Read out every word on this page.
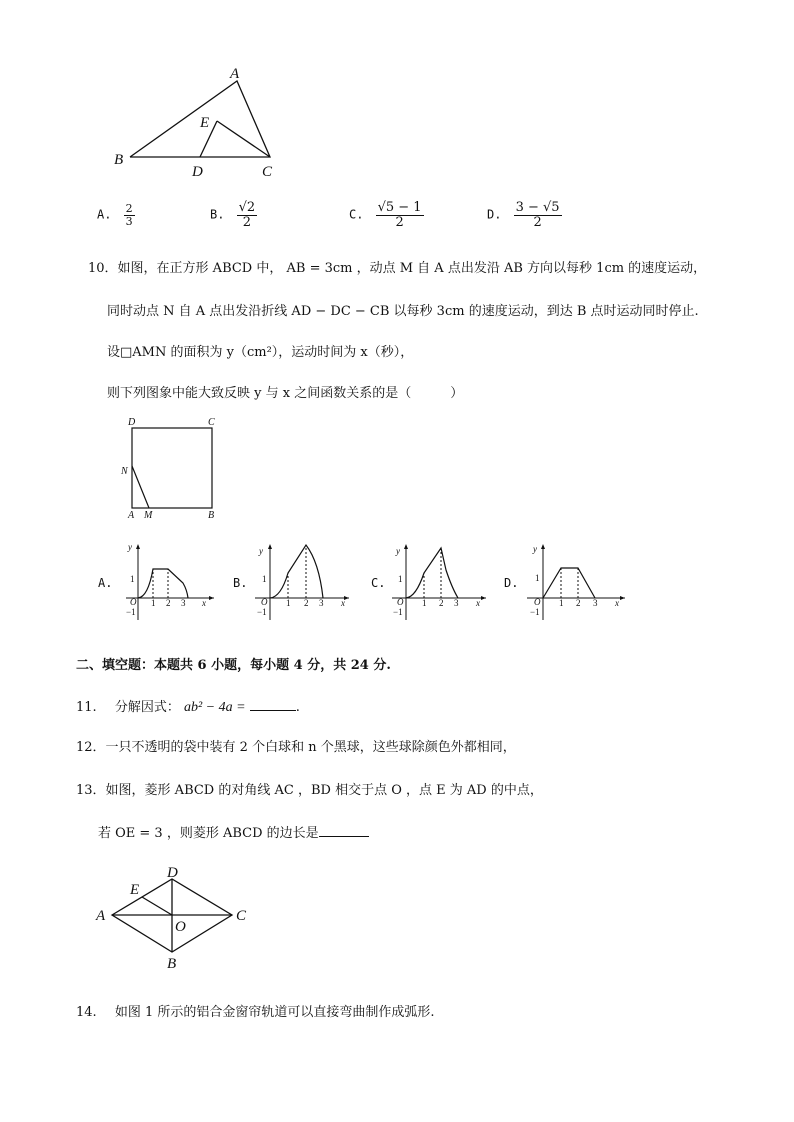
A
E
B
D	C
A. $\frac{2}{3}$	B. $\frac{√2}{2}$	C. $\frac{√5 - 1}{2}$	D. $\frac{3 - √5}{2}$
10．如图，在正方形 ABCD 中， AB = 3cm ，动点 M 自 A 点出发沿 AB 方向以每秒 1cm 的速度运动，
同时动点 N 自 A 点出发沿折线 AD − DC − CB 以每秒 3cm 的速度运动，到达 B 点时运动同时停止.
设□AMN 的面积为 y（cm²），运动时间为 x（秒），
则下列图象中能大致反映 y 与 x 之间函数关系的是（　　　）
D	C
N
A M	B
A.
y
1
O
−1
1 2 3 x
B.
y
1
O
−1
1 2 3 x
C.
y
1
O
−1
1 2 3 x
D.
y
1
O
−1
1 2 3 x
二、填空题：本题共 6 小题，每小题 4 分，共 24 分.
11. 分解因式： ab² − 4a =	.
12．一只不透明的袋中装有 2 个白球和 n 个黑球，这些球除颜色外都相同，
13．如图，菱形 ABCD 的对角线 AC ，BD 相交于点 O ，点 E 为 AD 的中点，
若 OE = 3 ，则菱形 ABCD 的边长是
D
E
A	C
O
B
14. 如图 1 所示的铝合金窗帘轨道可以直接弯曲制作成弧形.
